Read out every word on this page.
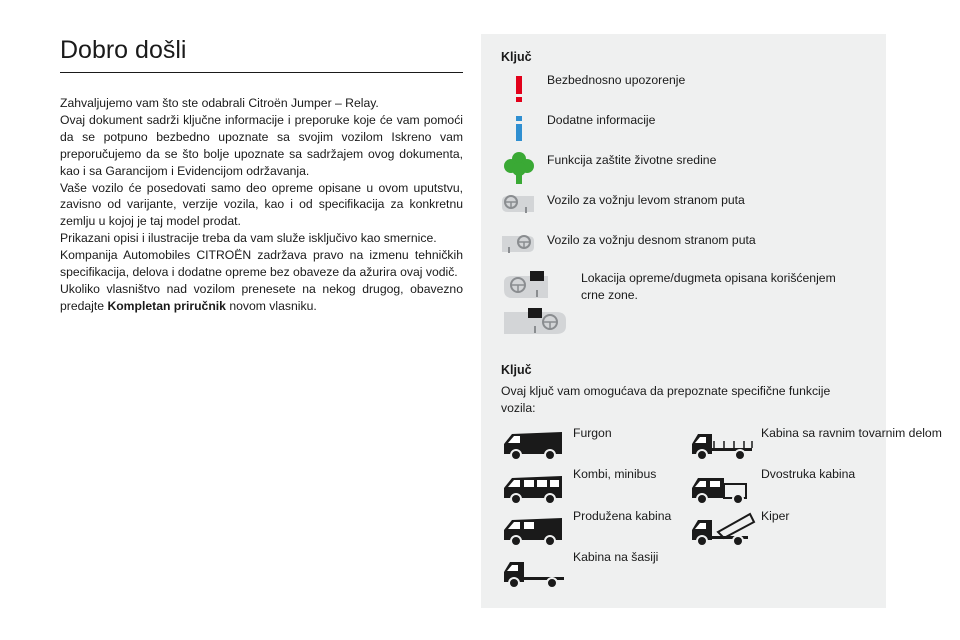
Dobro došli

Zahvaljujemo vam što ste odabrali Citroën Jumper – Relay.

Ovaj dokument sadrži ključne informacije i preporuke koje će vam pomoći da se potpuno bezbedno upoznate sa svojim vozilom Iskreno vam preporučujemo da se što bolje upoznate sa sadržajem ovog dokumenta, kao i sa Garancijom i Evidencijom održavanja.

Vaše vozilo će posedovati samo deo opreme opisane u ovom uputstvu, zavisno od varijante, verzije vozila, kao i od specifikacija za konkretnu zemlju u kojoj je taj model prodat.

Prikazani opisi i ilustracije treba da vam služe isključivo kao smernice.

Kompanija Automobiles CITROËN zadržava pravo na izmenu tehničkih specifikacija, delova i dodatne opreme bez obaveze da ažurira ovaj vodič.

Ukoliko vlasništvo nad vozilom prenesete na nekog drugog, obavezno predajte Kompletan priručnik novom vlasniku.

Ključ
Bezbednosno upozorenje
Dodatne informacije
Funkcija zaštite životne sredine
Vozilo za vožnju levom stranom puta
Vozilo za vožnju desnom stranom puta
Lokacija opreme/dugmeta opisana korišćenjem crne zone.
Ključ
Ovaj ključ vam omogućava da prepoznate specifične funkcije vozila:
Furgon	Kabina sa ravnim tovarnim delom
Kombi, minibus	Dvostruka kabina
Produžena kabina	Kiper
Kabina na šasiji
